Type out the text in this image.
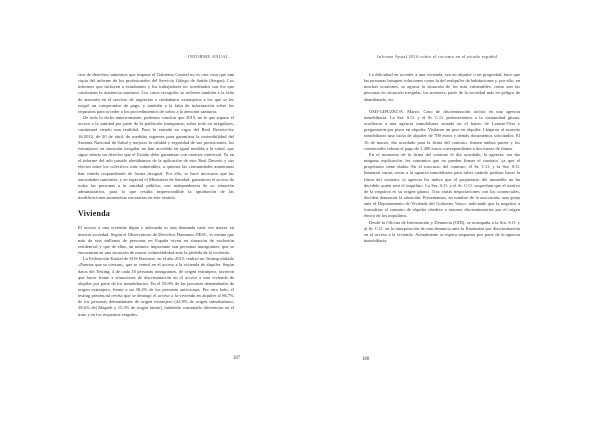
INFORME ANUAL

cios de derechos sanitarios que impone el Gobierno Central no es otra cosa que una copia del informe de los profesionales del Servicio Galego de Saúde (Sergas). Los informes que incluyen a estudiantes y los trabajadores no acreditados son los que conforman la asistencia sanitaria. Los casos recogidos se refieren también a la falta de atención en el servicio de urgencias a ciudadanos extranjeros a los que se les exigió un compromiso de pago, y también a la falta de información sobre los requisitos para acceder a los procedimientos de cobro a la atención sanitaria.

De todo lo dicho anteriormente, podemos concluir que 2015, no lo que supuso el acceso a la sanidad por parte de la población inmigrante, sobre todo en irregulares, continuará siendo una realidad. Pues la entrada en vigor del Real Decreto-ley 16/2012, de 20 de abril, de medidas urgentes para garantizar la sostenibilidad del Sistema Nacional de Salud y mejorar la calidad y seguridad de sus prestaciones, los extranjeros en situación irregular no han accedido en igual medida a la salud, que sigue siendo un derecho que el Estado debe garantizar con carácter universal. Ya en el informe del año pasado alertábamos de la aplicación de este Real Decreto y sus efectos entre los colectivos más vulnerables, a quienes las comunidades autónomas han venido respondiendo de forma desigual. Por ello, se hace necesario que las autoridades sanitarias, y en especial el Ministerio de Sanidad, garanticen el acceso de todas las personas a la sanidad pública, con independencia de su situación administrativa, para lo que resulta imprescindible la aprobación de las modificaciones normativas necesarias en este sentido.

Vivienda

El acceso a una vivienda digna y adecuada es una demanda cada vez mayor en nuestra sociedad. Según el Observatorio de Derechos Humanos DESC, se estima que más de seis millones de personas en España viven en situación de exclusión residencial y que de ellas, un número importante son personas inmigrantes, que se encuentran en una situación de mayor vulnerabilidad ante la pérdida de la vivienda.

La Federación Estatal de SOS Racismo, en el año 2015, realizó un Testing titulado «Puertas que se cierran», que se centró en el acceso a la vivienda de alquiler. Según datos del Testing, 4 de cada 10 personas inmigrantes, de origen extranjero, tuvieron que hacer frente a situaciones de discriminación en el acceso a una vivienda de alquiler por parte de los inmobiliarios. En el 59,9% de las personas demandantes de origen extranjero, frente a un 30,2% de las personas autóctonas. Por otro lado, el testing presencial revela que se deniegó el acceso a la vivienda en alquiler al 86,7% de los personas demandantes de origen extranjero (42,9% de origen subsahariano, 28,6% del Magreb y 15,3% de origen latino), habiendo constatado diferencias en el trato y en los requisitos exigidos.

187
Informe Anual 2016 sobre el racismo en el estado español

La dificultad en acceder a una vivienda, sea en alquiler o en propiedad, hace que las personas busquen soluciones como la del realquiler de habitaciones y, por ello, en muchas ocasiones, se agrava la situación de los más vulnerables, como son las personas en situación irregular, los menores, parte de la sociedad más en peligro de abandonado, etc.

OSD-GIPUZKOA. Marzo. Caso de discriminación racista en una agencia inmobiliaria. La Sra. S.O. y el Sr. C.O. pertenecientes a la comunidad gitana, acudieron a una agencia inmobiliaria situada en el barrio de Lasarte-Oria y preguntaron por pisos en alquiler. Visitaron un piso en alquiler. Llegaron al acuerdo inmobiliario una cuota de alquiler de 700 euros y demás documentos solicitados. El 16 de marzo, día acordado para la firma del contrato, firman ambos partes y los comerciales cobran el pago de 1.400 euros correspondiente a dos meses de fianza.

En el momento de la firma del contrato el día acordado, la agencia, sin dar ninguna explicación, les comunica que no pueden firmar el contrato, ya que el propietario tiene dudas. En el trascurso del contrato, el Sr. C.O. y la Sra. S.O. llamaron varias veces a la agencia inmobiliaria para saber cuándo podrían hacer la firma del contrato, la agencia les indica que el propietario del inmueble no ha decidido quién será el inquilino. La Sra. S.O. y el Sr. C.O. sospechan que el motivo de la negativa es su origen gitano. Tras varias negociaciones con los comerciales, deciden denunciar la situación. Presentamos, en nombre de la asociación, una queja ante el Departamento de Vivienda del Gobierno Vasco, indicando que la negativa a formalizar el contrato de alquiler obedece a razones discriminatorias por el origen étnico de los inquilinos.

Desde la Oficina de Información y Denuncia (OID), se acompaña a la Sra. S.O. y al Sr. C.O. en la interposición de una denuncia ante la Ertzaintza por discriminación en el acceso a la vivienda. Actualmente se espera respuesta por parte de la agencia inmobiliaria.

188
